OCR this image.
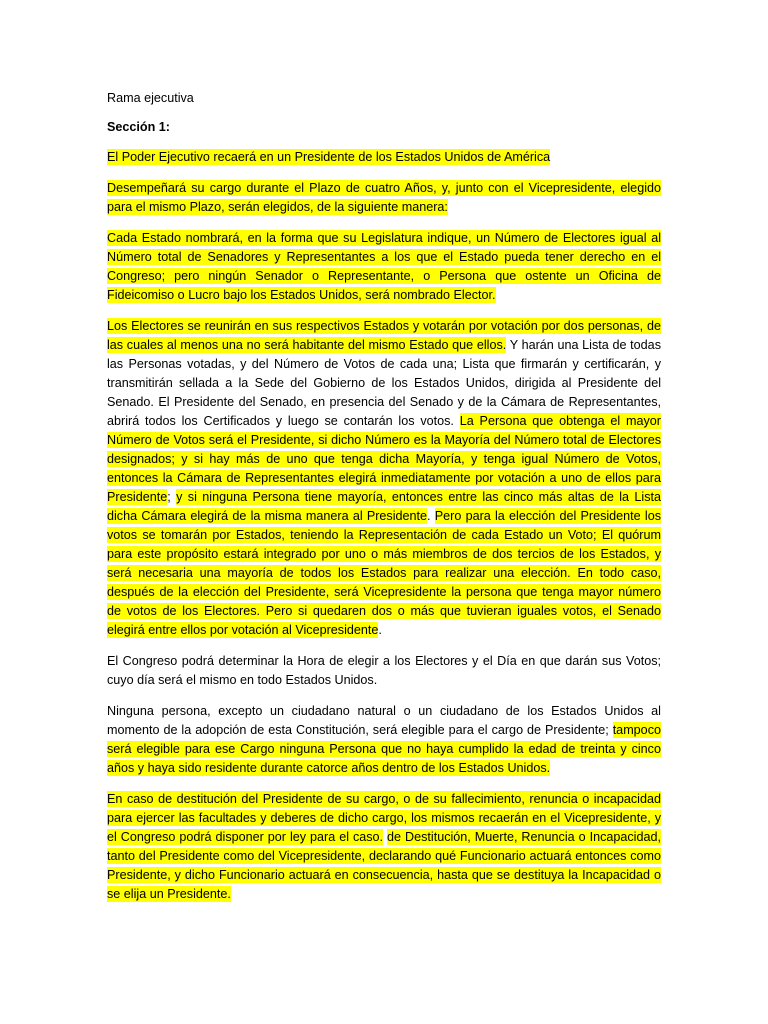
Rama ejecutiva

Sección 1:

El Poder Ejecutivo recaerá en un Presidente de los Estados Unidos de América

Desempeñará su cargo durante el Plazo de cuatro Años, y, junto con el Vicepresidente, elegido para el mismo Plazo, serán elegidos, de la siguiente manera:

Cada Estado nombrará, en la forma que su Legislatura indique, un Número de Electores igual al Número total de Senadores y Representantes a los que el Estado pueda tener derecho en el Congreso; pero ningún Senador o Representante, o Persona que ostente un Oficina de Fideicomiso o Lucro bajo los Estados Unidos, será nombrado Elector.

Los Electores se reunirán en sus respectivos Estados y votarán por votación por dos personas, de las cuales al menos una no será habitante del mismo Estado que ellos. Y harán una Lista de todas las Personas votadas, y del Número de Votos de cada una; Lista que firmarán y certificarán, y transmitirán sellada a la Sede del Gobierno de los Estados Unidos, dirigida al Presidente del Senado. El Presidente del Senado, en presencia del Senado y de la Cámara de Representantes, abrirá todos los Certificados y luego se contarán los votos. La Persona que obtenga el mayor Número de Votos será el Presidente, si dicho Número es la Mayoría del Número total de Electores designados; y si hay más de uno que tenga dicha Mayoría, y tenga igual Número de Votos, entonces la Cámara de Representantes elegirá inmediatamente por votación a uno de ellos para Presidente; y si ninguna Persona tiene mayoría, entonces entre las cinco más altas de la Lista dicha Cámara elegirá de la misma manera al Presidente. Pero para la elección del Presidente los votos se tomarán por Estados, teniendo la Representación de cada Estado un Voto; El quórum para este propósito estará integrado por uno o más miembros de dos tercios de los Estados, y será necesaria una mayoría de todos los Estados para realizar una elección. En todo caso, después de la elección del Presidente, será Vicepresidente la persona que tenga mayor número de votos de los Electores. Pero si quedaren dos o más que tuvieran iguales votos, el Senado elegirá entre ellos por votación al Vicepresidente.

El Congreso podrá determinar la Hora de elegir a los Electores y el Día en que darán sus Votos; cuyo día será el mismo en todo Estados Unidos.

Ninguna persona, excepto un ciudadano natural o un ciudadano de los Estados Unidos al momento de la adopción de esta Constitución, será elegible para el cargo de Presidente; tampoco será elegible para ese Cargo ninguna Persona que no haya cumplido la edad de treinta y cinco años y haya sido residente durante catorce años dentro de los Estados Unidos.

En caso de destitución del Presidente de su cargo, o de su fallecimiento, renuncia o incapacidad para ejercer las facultades y deberes de dicho cargo, los mismos recaerán en el Vicepresidente, y el Congreso podrá disponer por ley para el caso. de Destitución, Muerte, Renuncia o Incapacidad, tanto del Presidente como del Vicepresidente, declarando qué Funcionario actuará entonces como Presidente, y dicho Funcionario actuará en consecuencia, hasta que se destituya la Incapacidad o se elija un Presidente.
